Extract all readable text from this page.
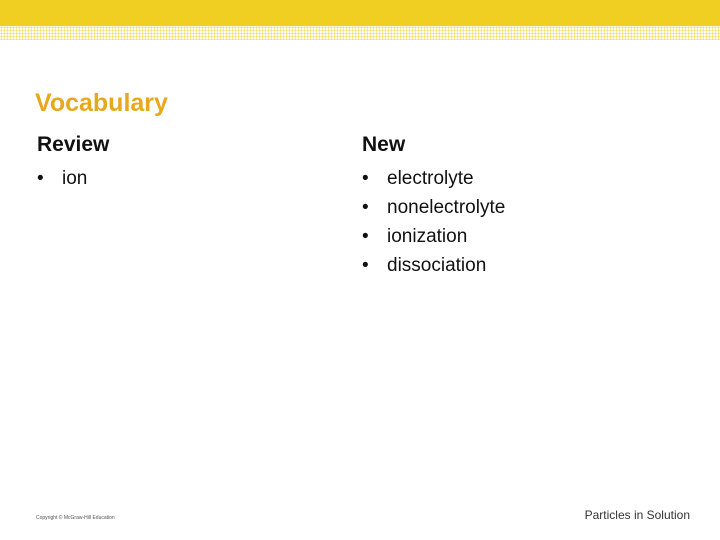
Vocabulary
Review	New
• ion	• electrolyte
• nonelectrolyte
• ionization
• dissociation
Copyright © McGraw-Hill Education	Particles in Solution
